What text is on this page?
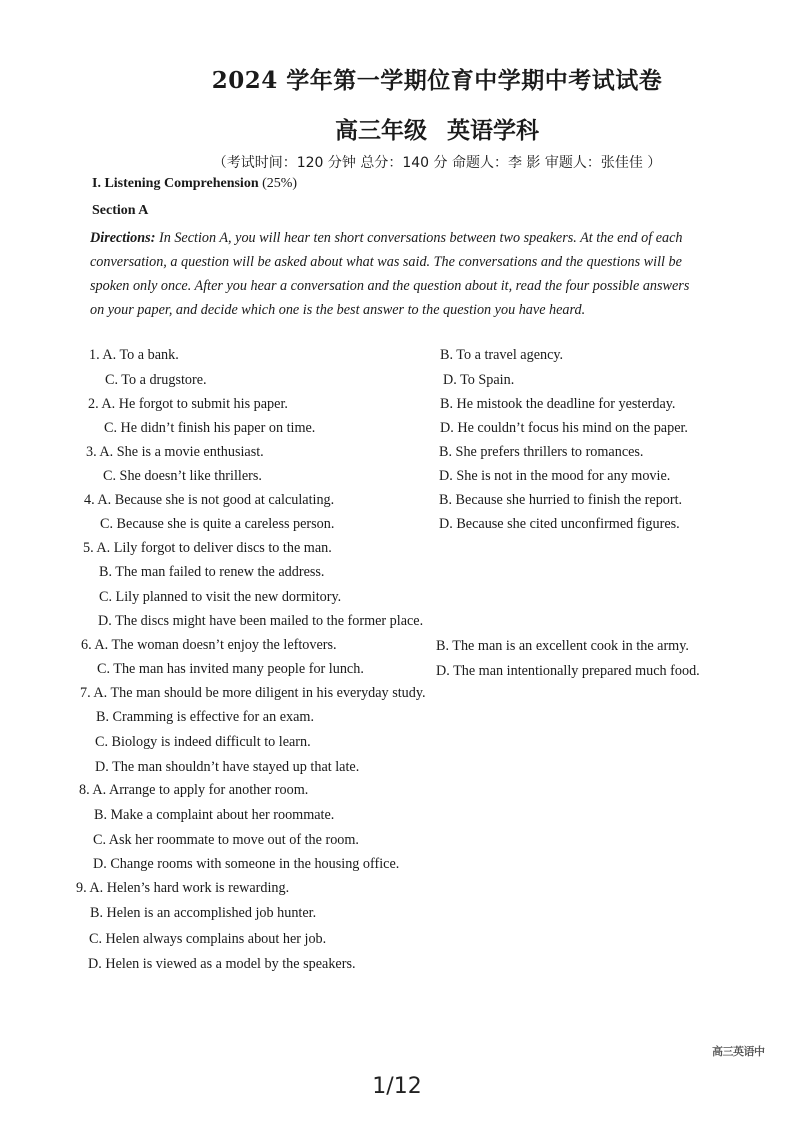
2024 学年第一学期位育中学期中考试试卷
高三年级 英语学科
（考试时间：120 分钟 总分：140 分 命题人：李 影 审题人：张佳佳 ）
I. Listening Comprehension (25%)
Section A
Directions: In Section A, you will hear ten short conversations between two speakers. At the end of each
conversation, a question will be asked about what was said. The conversations and the questions will be
spoken only once. After you hear a conversation and the question about it, read the four possible answers
on your paper, and decide which one is the best answer to the question you have heard.
1. A. To a bank.	B. To a travel agency.
C. To a drugstore.	D. To Spain.
2. A. He forgot to submit his paper.	B. He mistook the deadline for yesterday.
C. He didn’t finish his paper on time.	D. He couldn’t focus his mind on the paper.
3. A. She is a movie enthusiast.	B. She prefers thrillers to romances.
C. She doesn’t like thrillers.	D. She is not in the mood for any movie.
4. A. Because she is not good at calculating.	B. Because she hurried to finish the report.
C. Because she is quite a careless person.	D. Because she cited unconfirmed figures.
5. A. Lily forgot to deliver discs to the man.
B. The man failed to renew the address.
C. Lily planned to visit the new dormitory.
D. The discs might have been mailed to the former place.
6. A. The woman doesn’t enjoy the leftovers.	B. The man is an excellent cook in the army.
C. The man has invited many people for lunch.	D. The man intentionally prepared much food.
7. A. The man should be more diligent in his everyday study.
B. Cramming is effective for an exam.
C. Biology is indeed difficult to learn.
D. The man shouldn’t have stayed up that late.
8. A. Arrange to apply for another room.
B. Make a complaint about her roommate.
C. Ask her roommate to move out of the room.
D. Change rooms with someone in the housing office.
9. A. Helen’s hard work is rewarding.
B. Helen is an accomplished job hunter.
C. Helen always complains about her job.
D. Helen is viewed as a model by the speakers.
高三英语中
1/12
